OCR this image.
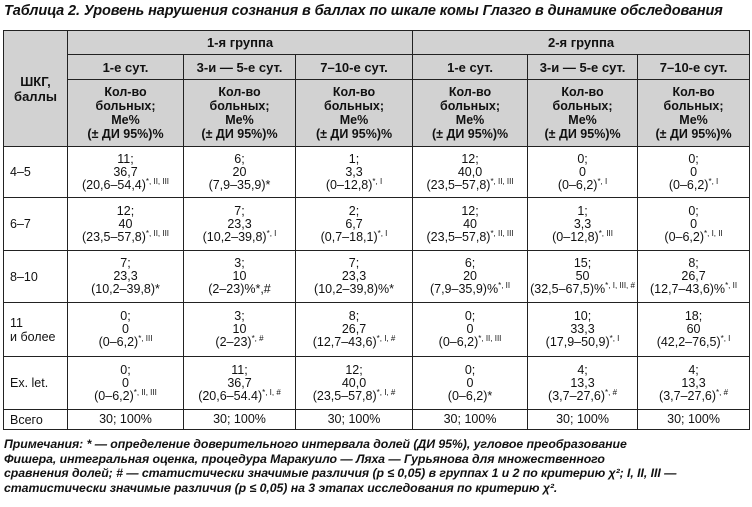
Таблица 2. Уровень нарушения сознания в баллах по шкале комы Глазго в динамике обследования
ШКГ,
баллы	1-я группа			2-я группа		
	1-е сут.	3-и — 5-е сут.	7–10-е сут.	1-е сут.	3-и — 5-е сут.	7–10-е сут.

	Кол-во
больных;
Me%
(± ДИ 95%)%	Кол-во
больных;
Me%
(± ДИ 95%)%	Кол-во
больных;
Me%
(± ДИ 95%)%	Кол-во
больных;
Me%
(± ДИ 95%)%	Кол-во
больных;
Me%
(± ДИ 95%)%	Кол-во
больных;
Me%
(± ДИ 95%)%

4–5	11;
36,7
$(20,6-54,4)^{*, II, III}$	6;
20
(7,9–35,9)*	1;
3,3
$(0-12,8)^{*, I}$	12;
40,0
$(23,5-57,8)^{*, II, III}$	0;
0
$(0-6,2)^{*, I}$	0;
0
$(0-6,2)^{*, I}$

6–7	12;
40
$(23,5-57,8)^{*, II, III}$	7;
23,3
$(10,2-39,8)^{*, I}$	2;
6,7
$(0,7-18,1)^{*, I}$	12;
40
$(23,5-57,8)^{*, II, III}$	1;
3,3
$(0-12,8)^{*, III}$	0;
0
$(0-6,2)^{*, I, II}$

8–10	7;
23,3
(10,2–39,8)*	3;
10
(2–23)%*,#	7;
23,3
(10,2–39,8)%*	6;
20
(7,9–35,9)%$^{*, II}$	15;
50
(32,5–67,5)%$^{*, I, III, \#}$	8;
26,7
(12,7–43,6)%$^{*, II}$

11
и более	0;
0
$(0-6,2)^{*, III}$	3;
10
(2–23)*, #	8;
26,7
$(12,7-43,6)^{*, I, \#}$	0;
0
$(0-6,2)^{*, II, III}$	10;
33,3
$(17,9-50,9)^{*, I}$	18;
60
$(42,2-76,5)^{*, I}$

Ex. let.	0;
0
$(0-6,2)^{*, II, III}$	11;
36,7
$(20,6-54.4)^{*, I, \#}$	12;
40,0
$(23,5-57,8)^{*, I, \#}$	0;
0
(0–6,2)*	4;
13,3
(3,7–27,6)*, #	4;
13,3
(3,7–27,6)*, #

Всего	30; 100%	30; 100%	30; 100%	30; 100%	30; 100%	30; 100%
Примечания: * — определение доверительного интервала долей (ДИ 95%), угловое преобразование
Фишера, интегральная оценка, процедура Маракуило — Ляха — Гурьянова для множественного
сравнения долей; # — статистически значимые различия (p ≤ 0,05) в группах 1 и 2 по критерию χ²; I, II, III —
статистически значимые различия (p ≤ 0,05) на 3 этапах исследования по критерию χ².
